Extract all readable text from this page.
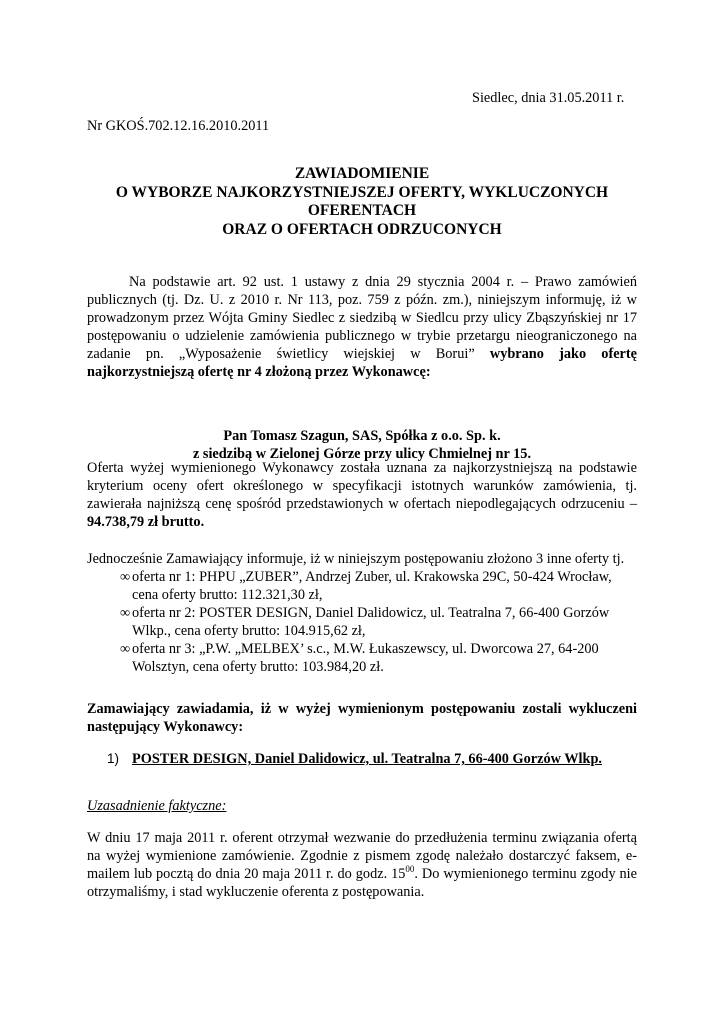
Siedlec, dnia 31.05.2011 r.
Nr GKOŚ.702.12.16.2010.2011
ZAWIADOMIENIE
O WYBORZE NAJKORZYSTNIEJSZEJ OFERTY, WYKLUCZONYCH
OFERENTACH
ORAZ O OFERTACH ODRZUCONYCH
Na podstawie art. 92 ust. 1 ustawy z dnia 29 stycznia 2004 r. – Prawo zamówień publicznych (tj. Dz. U. z 2010 r. Nr 113, poz. 759 z późn. zm.), niniejszym informuję, iż w prowadzonym przez Wójta Gminy Siedlec z siedzibą w Siedlcu przy ulicy Zbąszyńskiej nr 17 postępowaniu o udzielenie zamówienia publicznego w trybie przetargu nieograniczonego na zadanie pn. „Wyposażenie świetlicy wiejskiej w Borui” wybrano jako ofertę najkorzystniejszą ofertę nr 4 złożoną przez Wykonawcę:
Pan Tomasz Szagun, SAS, Spółka z o.o. Sp. k.
z siedzibą w Zielonej Górze przy ulicy Chmielnej nr 15.
Oferta wyżej wymienionego Wykonawcy została uznana za najkorzystniejszą na podstawie kryterium oceny ofert określonego w specyfikacji istotnych warunków zamówienia, tj. zawierała najniższą cenę spośród przedstawionych w ofertach niepodlegających odrzuceniu – 94.738,79 zł brutto.
Jednocześnie Zamawiający informuje, iż w niniejszym postępowaniu złożono 3 inne oferty tj.
∞ oferta nr 1: PHPU „ZUBER”, Andrzej Zuber, ul. Krakowska 29C, 50-424 Wrocław, cena oferty brutto: 112.321,30 zł,
∞ oferta nr 2: POSTER DESIGN, Daniel Dalidowicz, ul. Teatralna 7, 66-400 Gorzów Wlkp., cena oferty brutto: 104.915,62 zł,
∞ oferta nr 3: „P.W. „MELBEX’ s.c., M.W. Łukaszewscy, ul. Dworcowa 27, 64-200 Wolsztyn, cena oferty brutto: 103.984,20 zł.
Zamawiający zawiadamia, iż w wyżej wymienionym postępowaniu zostali wykluczeni następujący Wykonawcy:
1) POSTER DESIGN, Daniel Dalidowicz, ul. Teatralna 7, 66-400 Gorzów Wlkp.
Uzasadnienie faktyczne:
W dniu 17 maja 2011 r. oferent otrzymał wezwanie do przedłużenia terminu związania ofertą na wyżej wymienione zamówienie. Zgodnie z pismem zgodę należało dostarczyć faksem, e-mailem lub pocztą do dnia 20 maja 2011 r. do godz. $15^{00}$. Do wymienionego terminu zgody nie otrzymaliśmy, i stad wykluczenie oferenta z postępowania.
